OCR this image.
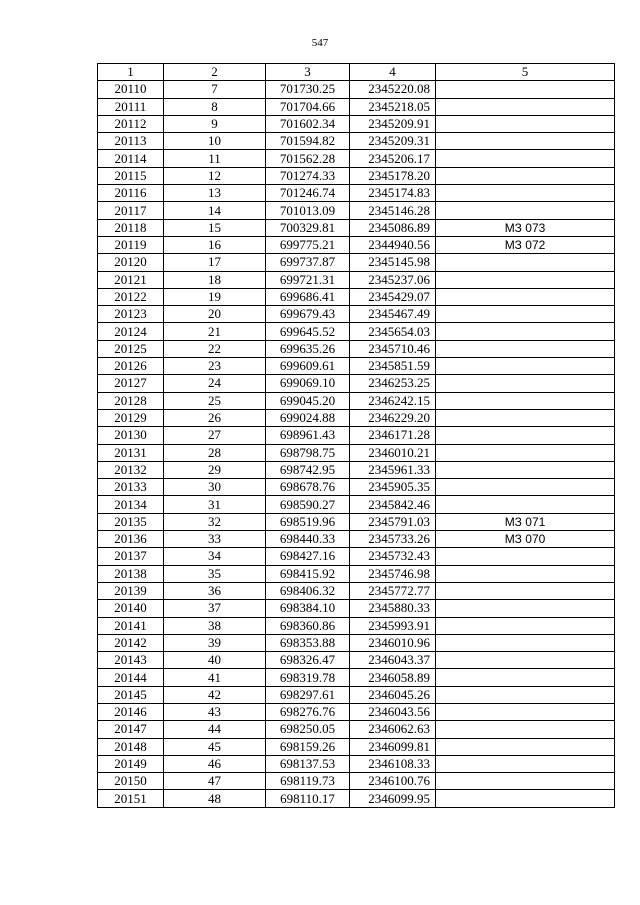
547
1	2	3	4	5
20110	7	701730.25	2345220.08	
20111	8	701704.66	2345218.05	
20112	9	701602.34	2345209.91	
20113	10	701594.82	2345209.31	
20114	11	701562.28	2345206.17	
20115	12	701274.33	2345178.20	
20116	13	701246.74	2345174.83	
20117	14	701013.09	2345146.28	
20118	15	700329.81	2345086.89	МЗ 073
20119	16	699775.21	2344940.56	МЗ 072
20120	17	699737.87	2345145.98	
20121	18	699721.31	2345237.06	
20122	19	699686.41	2345429.07	
20123	20	699679.43	2345467.49	
20124	21	699645.52	2345654.03	
20125	22	699635.26	2345710.46	
20126	23	699609.61	2345851.59	
20127	24	699069.10	2346253.25	
20128	25	699045.20	2346242.15	
20129	26	699024.88	2346229.20	
20130	27	698961.43	2346171.28	
20131	28	698798.75	2346010.21	
20132	29	698742.95	2345961.33	
20133	30	698678.76	2345905.35	
20134	31	698590.27	2345842.46	
20135	32	698519.96	2345791.03	МЗ 071
20136	33	698440.33	2345733.26	МЗ 070
20137	34	698427.16	2345732.43	
20138	35	698415.92	2345746.98	
20139	36	698406.32	2345772.77	
20140	37	698384.10	2345880.33	
20141	38	698360.86	2345993.91	
20142	39	698353.88	2346010.96	
20143	40	698326.47	2346043.37	
20144	41	698319.78	2346058.89	
20145	42	698297.61	2346045.26	
20146	43	698276.76	2346043.56	
20147	44	698250.05	2346062.63	
20148	45	698159.26	2346099.81	
20149	46	698137.53	2346108.33	
20150	47	698119.73	2346100.76	
20151	48	698110.17	2346099.95	
